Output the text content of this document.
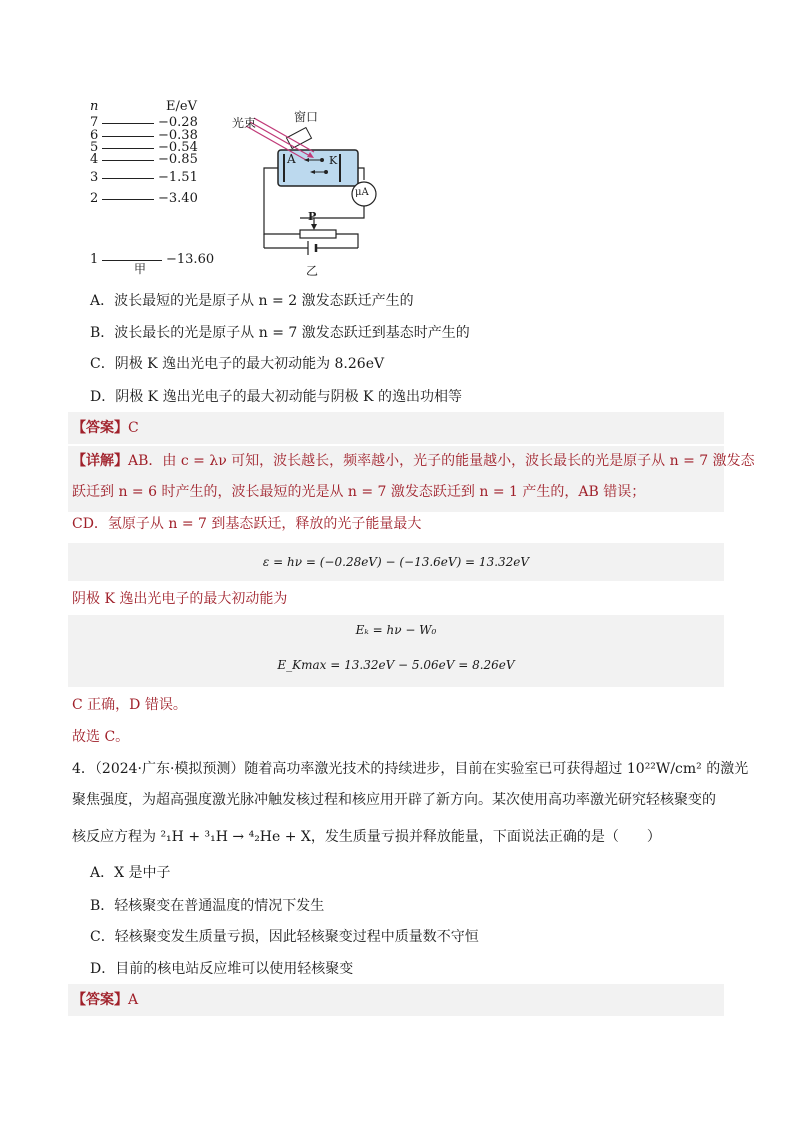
n	E/eV
7	−0.28
6	−0.38
5	−0.54
4	−0.85
3	−1.51
2	−3.40
1	−13.60
甲
光束	窗口
A	K
μA
P
乙
A．波长最短的光是原子从 n = 2 激发态跃迁产生的
B．波长最长的光是原子从 n = 7 激发态跃迁到基态时产生的
C．阴极 K 逸出光电子的最大初动能为 8.26eV
D．阴极 K 逸出光电子的最大初动能与阴极 K 的逸出功相等
【答案】C
【详解】AB．由 c = λν 可知，波长越长，频率越小，光子的能量越小，波长最长的光是原子从 n = 7 激发态
跃迁到 n = 6 时产生的，波长最短的光是从 n = 7 激发态跃迁到 n = 1 产生的，AB 错误；
CD．氢原子从 n = 7 到基态跃迁，释放的光子能量最大
ε = hν = (−0.28eV) − (−13.6eV) = 13.32eV
阴极 K 逸出光电子的最大初动能为
Eₖ = hν − W₀
E_Kmax = 13.32eV − 5.06eV = 8.26eV
C 正确，D 错误。
故选 C。
4．（2024·广东·模拟预测）随着高功率激光技术的持续进步，目前在实验室已可获得超过 10²²W/cm² 的激光
聚焦强度，为超高强度激光脉冲触发核过程和核应用开辟了新方向。某次使用高功率激光研究轻核聚变的
核反应方程为 ²₁H + ³₁H → ⁴₂He + X，发生质量亏损并释放能量，下面说法正确的是（　　）
A．X 是中子
B．轻核聚变在普通温度的情况下发生
C．轻核聚变发生质量亏损，因此轻核聚变过程中质量数不守恒
D．目前的核电站反应堆可以使用轻核聚变
【答案】A
